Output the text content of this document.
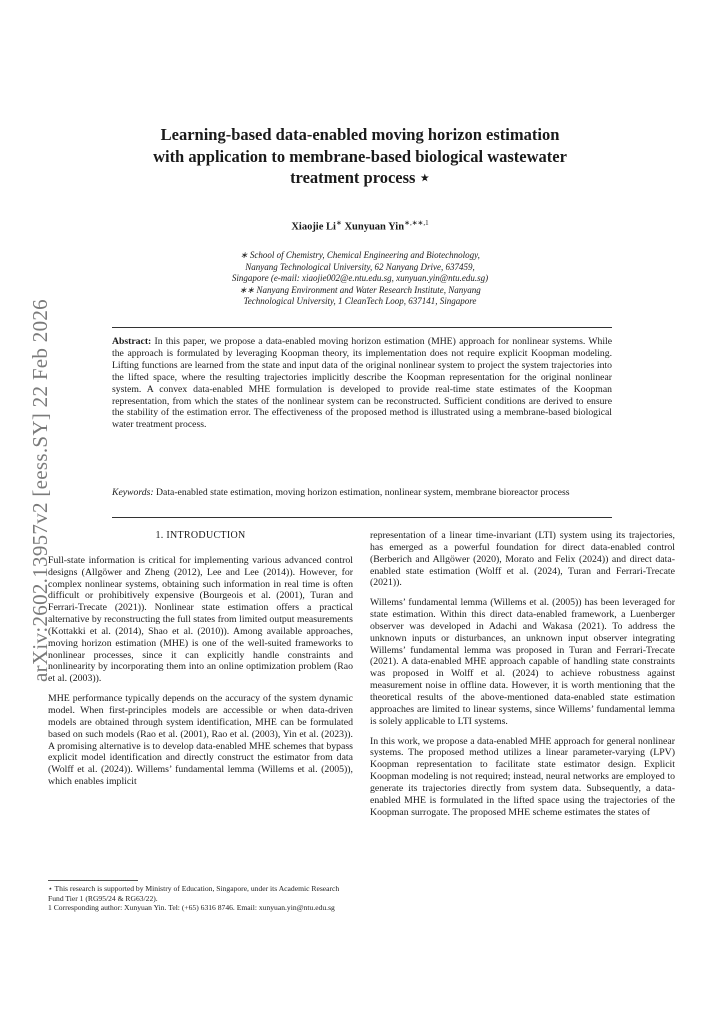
arXiv:2602.13957v2 [eess.SY] 22 Feb 2026
Learning-based data-enabled moving horizon estimation with application to membrane-based biological wastewater treatment process ⋆
Xiaojie Li∗ Xunyuan Yin$^{∗,∗∗,1}$
∗ School of Chemistry, Chemical Engineering and Biotechnology,
Nanyang Technological University, 62 Nanyang Drive, 637459,
Singapore (e-mail: xiaojie002@e.ntu.edu.sg, xunyuan.yin@ntu.edu.sg)
∗∗ Nanyang Environment and Water Research Institute, Nanyang
Technological University, 1 CleanTech Loop, 637141, Singapore
Abstract: In this paper, we propose a data-enabled moving horizon estimation (MHE) approach for nonlinear systems. While the approach is formulated by leveraging Koopman theory, its implementation does not require explicit Koopman modeling. Lifting functions are learned from the state and input data of the original nonlinear system to project the system trajectories into the lifted space, where the resulting trajectories implicitly describe the Koopman representation for the original nonlinear system. A convex data-enabled MHE formulation is developed to provide real-time state estimates of the Koopman representation, from which the states of the nonlinear system can be reconstructed. Sufficient conditions are derived to ensure the stability of the estimation error. The effectiveness of the proposed method is illustrated using a membrane-based biological water treatment process.
Keywords: Data-enabled state estimation, moving horizon estimation, nonlinear system, membrane bioreactor process
1. INTRODUCTION

Full-state information is critical for implementing various advanced control designs (Allgöwer and Zheng (2012), Lee and Lee (2014)). However, for complex nonlinear systems, obtaining such information in real time is often difficult or prohibitively expensive (Bourgeois et al. (2001), Turan and Ferrari-Trecate (2021)). Nonlinear state estimation offers a practical alternative by reconstructing the full states from limited output measurements (Kottakki et al. (2014), Shao et al. (2010)). Among available approaches, moving horizon estimation (MHE) is one of the well-suited frameworks to nonlinear processes, since it can explicitly handle constraints and nonlinearity by incorporating them into an online optimization problem (Rao et al. (2003)).

MHE performance typically depends on the accuracy of the system dynamic model. When first-principles models are accessible or when data-driven models are obtained through system identification, MHE can be formulated based on such models (Rao et al. (2001), Rao et al. (2003), Yin et al. (2023)). A promising alternative is to develop data-enabled MHE schemes that bypass explicit model identification and directly construct the estimator from data (Wolff et al. (2024)). Willems’ fundamental lemma (Willems et al. (2005)), which enables implicit

representation of a linear time-invariant (LTI) system using its trajectories, has emerged as a powerful foundation for direct data-enabled control (Berberich and Allgöwer (2020), Morato and Felix (2024)) and direct data-enabled state estimation (Wolff et al. (2024), Turan and Ferrari-Trecate (2021)).

Willems’ fundamental lemma (Willems et al. (2005)) has been leveraged for state estimation. Within this direct data-enabled framework, a Luenberger observer was developed in Adachi and Wakasa (2021). To address the unknown inputs or disturbances, an unknown input observer integrating Willems’ fundamental lemma was proposed in Turan and Ferrari-Trecate (2021). A data-enabled MHE approach capable of handling state constraints was proposed in Wolff et al. (2024) to achieve robustness against measurement noise in offline data. However, it is worth mentioning that the theoretical results of the above-mentioned data-enabled state estimation approaches are limited to linear systems, since Willems’ fundamental lemma is solely applicable to LTI systems.

In this work, we propose a data-enabled MHE approach for general nonlinear systems. The proposed method utilizes a linear parameter-varying (LPV) Koopman representation to facilitate state estimator design. Explicit Koopman modeling is not required; instead, neural networks are employed to generate its trajectories directly from system data. Subsequently, a data-enabled MHE is formulated in the lifted space using the trajectories of the Koopman surrogate. The proposed MHE scheme estimates the states of

⋆ This research is supported by Ministry of Education, Singapore, under its Academic Research Fund Tier 1 (RG95/24 & RG63/22).
1 Corresponding author: Xunyuan Yin. Tel: (+65) 6316 8746. Email: xunyuan.yin@ntu.edu.sg
